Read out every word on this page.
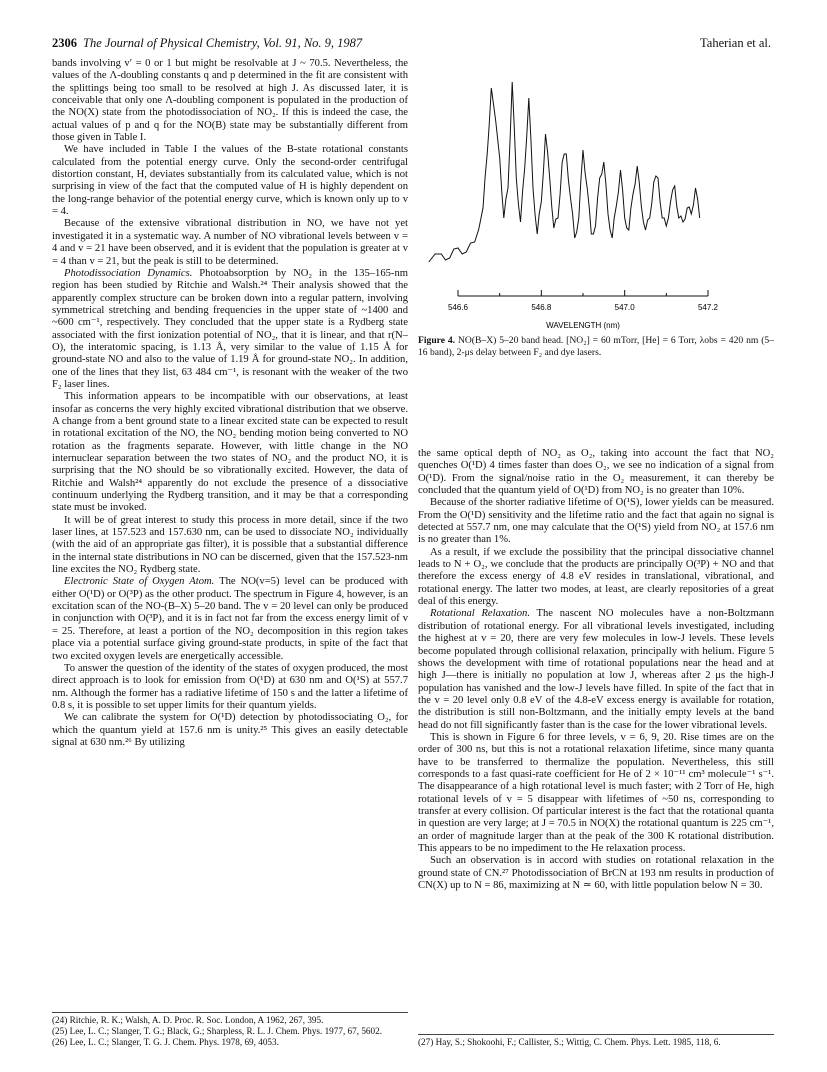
2306 The Journal of Physical Chemistry, Vol. 91, No. 9, 1987	Taherian et al.

bands involving v′ = 0 or 1 but might be resolvable at J ~ 70.5. Nevertheless, the values of the Λ-doubling constants q and p determined in the fit are consistent with the splittings being too small to be resolved at high J. As discussed later, it is conceivable that only one Λ-doubling component is populated in the production of the NO(X) state from the photodissociation of NO₂. If this is indeed the case, the actual values of p and q for the NO(B) state may be substantially different from those given in Table I.

We have included in Table I the values of the B-state rotational constants calculated from the potential energy curve. Only the second-order centrifugal distortion constant, H, deviates substantially from its calculated value, which is not surprising in view of the fact that the computed value of H is highly dependent on the long-range behavior of the potential energy curve, which is known only up to v = 4.

Because of the extensive vibrational distribution in NO, we have not yet investigated it in a systematic way. A number of NO vibrational levels between v = 4 and v = 21 have been observed, and it is evident that the population is greater at v = 4 than v = 21, but the peak is still to be determined.

Photodissociation Dynamics. Photoabsorption by NO₂ in the 135–165-nm region has been studied by Ritchie and Walsh.²⁴ Their analysis showed that the apparently complex structure can be broken down into a regular pattern, involving symmetrical stretching and bending frequencies in the upper state of ~1400 and ~600 cm⁻¹, respectively. They concluded that the upper state is a Rydberg state associated with the first ionization potential of NO₂, that it is linear, and that r(N–O), the interatomic spacing, is 1.13 Å, very similar to the value of 1.15 Å for ground-state NO and also to the value of 1.19 Å for ground-state NO₂. In addition, one of the lines that they list, 63 484 cm⁻¹, is resonant with the weaker of the two F₂ laser lines.

This information appears to be incompatible with our observations, at least insofar as concerns the very highly excited vibrational distribution that we observe. A change from a bent ground state to a linear excited state can be expected to result in rotational excitation of the NO, the NO₂ bending motion being converted to NO rotation as the fragments separate. However, with little change in the NO internuclear separation between the two states of NO₂ and the product NO, it is surprising that the NO should be so vibrationally excited. However, the data of Ritchie and Walsh²⁴ apparently do not exclude the presence of a dissociative continuum underlying the Rydberg transition, and it may be that a corresponding state must be invoked.

It will be of great interest to study this process in more detail, since if the two laser lines, at 157.523 and 157.630 nm, can be used to dissociate NO₂ individually (with the aid of an appropriate gas filter), it is possible that a substantial difference in the internal state distributions in NO can be discerned, given that the 157.523-nm line excites the NO₂ Rydberg state.

Electronic State of Oxygen Atom. The NO(v=5) level can be produced with either O(¹D) or O(³P) as the other product. The spectrum in Figure 4, however, is an excitation scan of the NO-(B–X) 5–20 band. The v = 20 level can only be produced in conjunction with O(³P), and it is in fact not far from the excess energy limit of v = 25. Therefore, at least a portion of the NO₂ decomposition in this region takes place via a potential surface giving ground-state products, in spite of the fact that two excited oxygen levels are energetically accessible.

To answer the question of the identity of the states of oxygen produced, the most direct approach is to look for emission from O(¹D) at 630 nm and O(¹S) at 557.7 nm. Although the former has a radiative lifetime of 150 s and the latter a lifetime of 0.8 s, it is possible to set upper limits for their quantum yields.

We can calibrate the system for O(¹D) detection by photodissociating O₂, for which the quantum yield at 157.6 nm is unity.²⁵ This gives an easily detectable signal at 630 nm.²⁶ By utilizing

(24) Ritchie, R. K.; Walsh, A. D. Proc. R. Soc. London, A 1962, 267, 395.
(25) Lee, L. C.; Slanger, T. G.; Black, G.; Sharpless, R. L. J. Chem. Phys. 1977, 67, 5602.
(26) Lee, L. C.; Slanger, T. G. J. Chem. Phys. 1978, 69, 4053.
546.6	546.8	547.0	547.2
WAVELENGTH (nm)
Figure 4. NO(B–X) 5–20 band head. [NO₂] = 60 mTorr, [He] = 6 Torr, λobs = 420 nm (5–16 band), 2-μs delay between F₂ and dye lasers.

the same optical depth of NO₂ as O₂, taking into account the fact that NO₂ quenches O(¹D) 4 times faster than does O₂, we see no indication of a signal from O(¹D). From the signal/noise ratio in the O₂ measurement, it can thereby be concluded that the quantum yield of O(¹D) from NO₂ is no greater than 10%.

Because of the shorter radiative lifetime of O(¹S), lower yields can be measured. From the O(¹D) sensitivity and the lifetime ratio and the fact that again no signal is detected at 557.7 nm, one may calculate that the O(¹S) yield from NO₂ at 157.6 nm is no greater than 1%.

As a result, if we exclude the possibility that the principal dissociative channel leads to N + O₂, we conclude that the products are principally O(³P) + NO and that therefore the excess energy of 4.8 eV resides in translational, vibrational, and rotational energy. The latter two modes, at least, are clearly repositories of a great deal of this energy.

Rotational Relaxation. The nascent NO molecules have a non-Boltzmann distribution of rotational energy. For all vibrational levels investigated, including the highest at v = 20, there are very few molecules in low-J levels. These levels become populated through collisional relaxation, principally with helium. Figure 5 shows the development with time of rotational populations near the head and at high J—there is initially no population at low J, whereas after 2 μs the high-J population has vanished and the low-J levels have filled. In spite of the fact that in the v = 20 level only 0.8 eV of the 4.8-eV excess energy is available for rotation, the distribution is still non-Boltzmann, and the initially empty levels at the band head do not fill significantly faster than is the case for the lower vibrational levels.

This is shown in Figure 6 for three levels, v = 6, 9, 20. Rise times are on the order of 300 ns, but this is not a rotational relaxation lifetime, since many quanta have to be transferred to thermalize the population. Nevertheless, this still corresponds to a fast quasi-rate coefficient for He of 2 × 10⁻¹¹ cm³ molecule⁻¹ s⁻¹. The disappearance of a high rotational level is much faster; with 2 Torr of He, high rotational levels of v = 5 disappear with lifetimes of ~50 ns, corresponding to transfer at every collision. Of particular interest is the fact that the rotational quanta in question are very large; at J = 70.5 in NO(X) the rotational quantum is 225 cm⁻¹, an order of magnitude larger than at the peak of the 300 K rotational distribution. This appears to be no impediment to the He relaxation process.

Such an observation is in accord with studies on rotational relaxation in the ground state of CN.²⁷ Photodissociation of BrCN at 193 nm results in production of CN(X) up to N = 86, maximizing at N ≃ 60, with little population below N = 30.

(27) Hay, S.; Shokoohi, F.; Callister, S.; Wittig, C. Chem. Phys. Lett. 1985, 118, 6.
